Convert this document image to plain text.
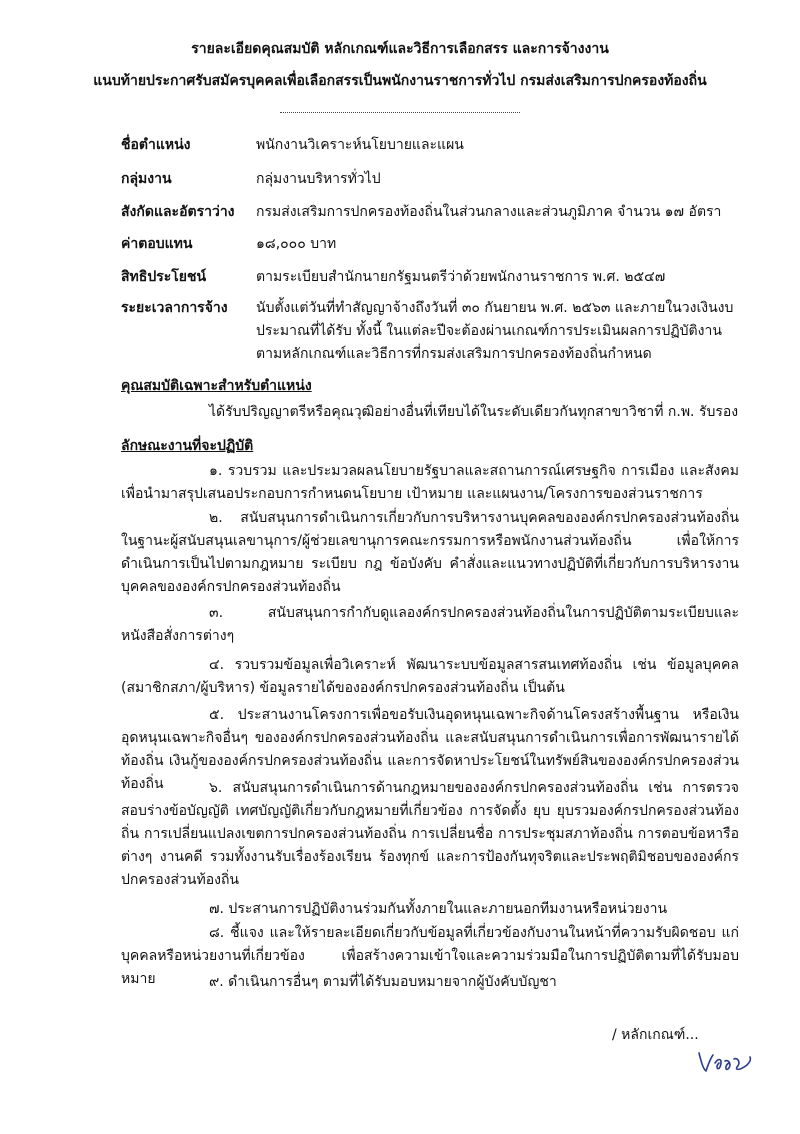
รายละเอียดคุณสมบัติ หลักเกณฑ์และวิธีการเลือกสรร และการจ้างงาน

แนบท้ายประกาศรับสมัครบุคคลเพื่อเลือกสรรเป็นพนักงานราชการทั่วไป กรมส่งเสริมการปกครองท้องถิ่น

ชื่อตำแหน่ง	พนักงานวิเคราะห์นโยบายและแผน

กลุ่มงาน	กลุ่มงานบริหารทั่วไป

สังกัดและอัตราว่าง	กรมส่งเสริมการปกครองท้องถิ่นในส่วนกลางและส่วนภูมิภาค จำนวน ๑๗ อัตรา

ค่าตอบแทน	๑๘,๐๐๐ บาท

สิทธิประโยชน์	ตามระเบียบสำนักนายกรัฐมนตรีว่าด้วยพนักงานราชการ พ.ศ. ๒๕๔๗

ระยะเวลาการจ้าง	นับตั้งแต่วันที่ทำสัญญาจ้างถึงวันที่ ๓๐ กันยายน พ.ศ. ๒๕๖๓ และภายในวงเงินงบประมาณที่ได้รับ ทั้งนี้ ในแต่ละปีจะต้องผ่านเกณฑ์การประเมินผลการปฏิบัติงานตามหลักเกณฑ์และวิธีการที่กรมส่งเสริมการปกครองท้องถิ่นกำหนด

คุณสมบัติเฉพาะสำหรับตำแหน่ง

ได้รับปริญญาตรีหรือคุณวุฒิอย่างอื่นที่เทียบได้ในระดับเดียวกันทุกสาขาวิชาที่ ก.พ. รับรอง

ลักษณะงานที่จะปฏิบัติ

๑. รวบรวม และประมวลผลนโยบายรัฐบาลและสถานการณ์เศรษฐกิจ การเมือง และสังคม เพื่อนำมาสรุปเสนอประกอบการกำหนดนโยบาย เป้าหมาย และแผนงาน/โครงการของส่วนราชการ

๒. สนับสนุนการดำเนินการเกี่ยวกับการบริหารงานบุคคลขององค์กรปกครองส่วนท้องถิ่นในฐานะผู้สนับสนุนเลขานุการ/ผู้ช่วยเลขานุการคณะกรรมการหรือพนักงานส่วนท้องถิ่น เพื่อให้การดำเนินการเป็นไปตามกฎหมาย ระเบียบ กฎ ข้อบังคับ คำสั่งและแนวทางปฏิบัติที่เกี่ยวกับการบริหารงานบุคคลขององค์กรปกครองส่วนท้องถิ่น

๓. สนับสนุนการกำกับดูแลองค์กรปกครองส่วนท้องถิ่นในการปฏิบัติตามระเบียบและหนังสือสั่งการต่างๆ

๔. รวบรวมข้อมูลเพื่อวิเคราะห์ พัฒนาระบบข้อมูลสารสนเทศท้องถิ่น เช่น ข้อมูลบุคคล (สมาชิกสภา/ผู้บริหาร) ข้อมูลรายได้ขององค์กรปกครองส่วนท้องถิ่น เป็นต้น

๕. ประสานงานโครงการเพื่อขอรับเงินอุดหนุนเฉพาะกิจด้านโครงสร้างพื้นฐาน หรือเงินอุดหนุนเฉพาะกิจอื่นๆ ขององค์กรปกครองส่วนท้องถิ่น และสนับสนุนการดำเนินการเพื่อการพัฒนารายได้ท้องถิ่น เงินกู้ขององค์กรปกครองส่วนท้องถิ่น และการจัดหาประโยชน์ในทรัพย์สินขององค์กรปกครองส่วนท้องถิ่น	๖. สนับสนุนการดำเนินการด้านกฎหมายขององค์กรปกครองส่วนท้องถิ่น เช่น การตรวจสอบร่างข้อบัญญัติ เทศบัญญัติเกี่ยวกับกฎหมายที่เกี่ยวข้อง การจัดตั้ง ยุบ ยุบรวมองค์กรปกครองส่วนท้องถิ่น การเปลี่ยนแปลงเขตการปกครองส่วนท้องถิ่น การเปลี่ยนชื่อ การประชุมสภาท้องถิ่น การตอบข้อหารือต่างๆ งานคดี รวมทั้งงานรับเรื่องร้องเรียน ร้องทุกข์ และการป้องกันทุจริตและประพฤติมิชอบขององค์กรปกครองส่วนท้องถิ่น

๗. ประสานการปฏิบัติงานร่วมกันทั้งภายในและภายนอกทีมงานหรือหน่วยงาน

๘. ชี้แจง และให้รายละเอียดเกี่ยวกับข้อมูลที่เกี่ยวข้องกับงานในหน้าที่ความรับผิดชอบ แก่บุคคลหรือหน่วยงานที่เกี่ยวข้อง เพื่อสร้างความเข้าใจและความร่วมมือในการปฏิบัติตามที่ได้รับมอบหมาย	๙. ดำเนินการอื่นๆ ตามที่ได้รับมอบหมายจากผู้บังคับบัญชา

/ หลักเกณฑ์...
